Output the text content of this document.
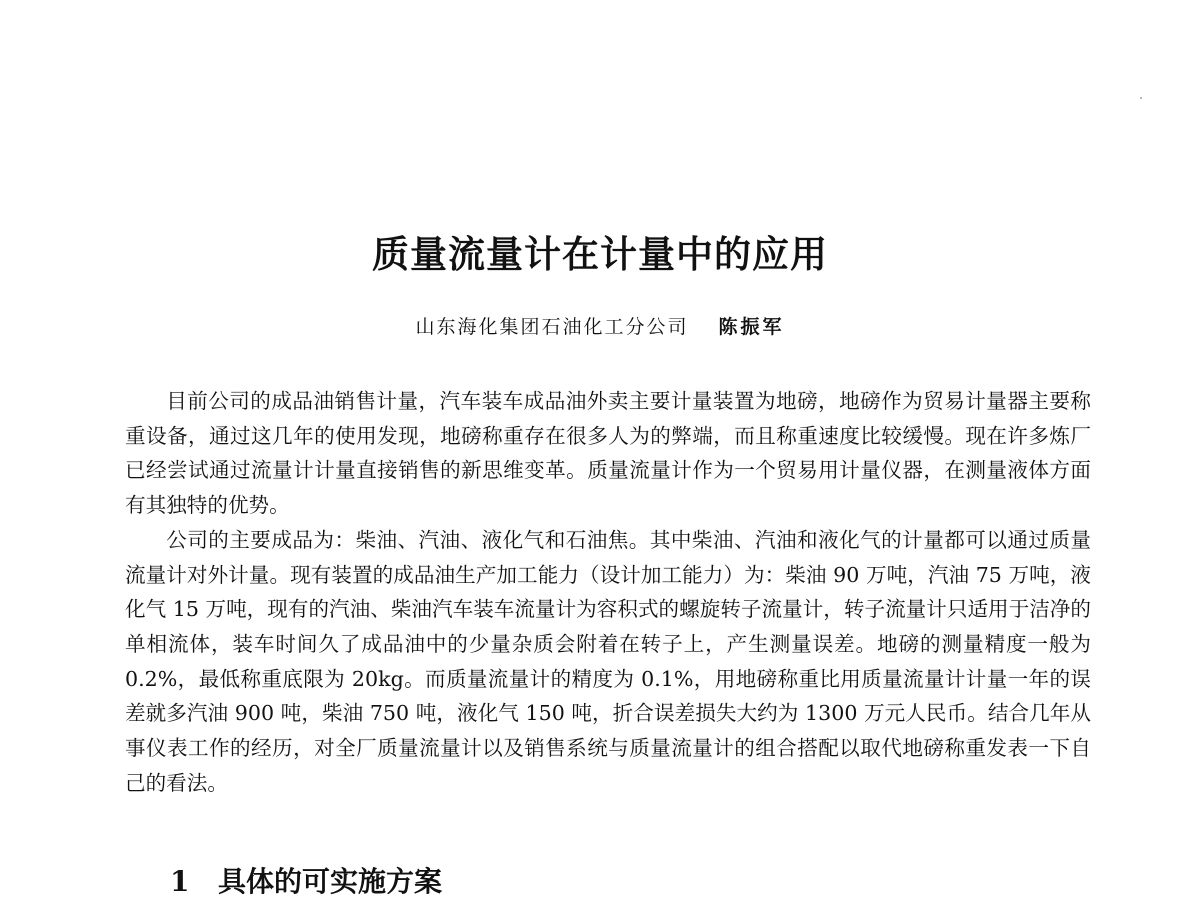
质量流量计在计量中的应用
山东海化集团石油化工分公司 陈振军

目前公司的成品油销售计量，汽车装车成品油外卖主要计量装置为地磅，地磅作为贸易计量器主要称重设备，通过这几年的使用发现，地磅称重存在很多人为的弊端，而且称重速度比较缓慢。现在许多炼厂已经尝试通过流量计计量直接销售的新思维变革。质量流量计作为一个贸易用计量仪器，在测量液体方面有其独特的优势。

公司的主要成品为：柴油、汽油、液化气和石油焦。其中柴油、汽油和液化气的计量都可以通过质量流量计对外计量。现有装置的成品油生产加工能力（设计加工能力）为：柴油 90 万吨，汽油 75 万吨，液化气 15 万吨，现有的汽油、柴油汽车装车流量计为容积式的螺旋转子流量计，转子流量计只适用于洁净的单相流体，装车时间久了成品油中的少量杂质会附着在转子上，产生测量误差。地磅的测量精度一般为 0.2%，最低称重底限为 20kg。而质量流量计的精度为 0.1%，用地磅称重比用质量流量计计量一年的误差就多汽油 900 吨，柴油 750 吨，液化气 150 吨，折合误差损失大约为 1300 万元人民币。结合几年从事仪表工作的经历，对全厂质量流量计以及销售系统与质量流量计的组合搭配以取代地磅称重发表一下自己的看法。

1 具体的可实施方案
